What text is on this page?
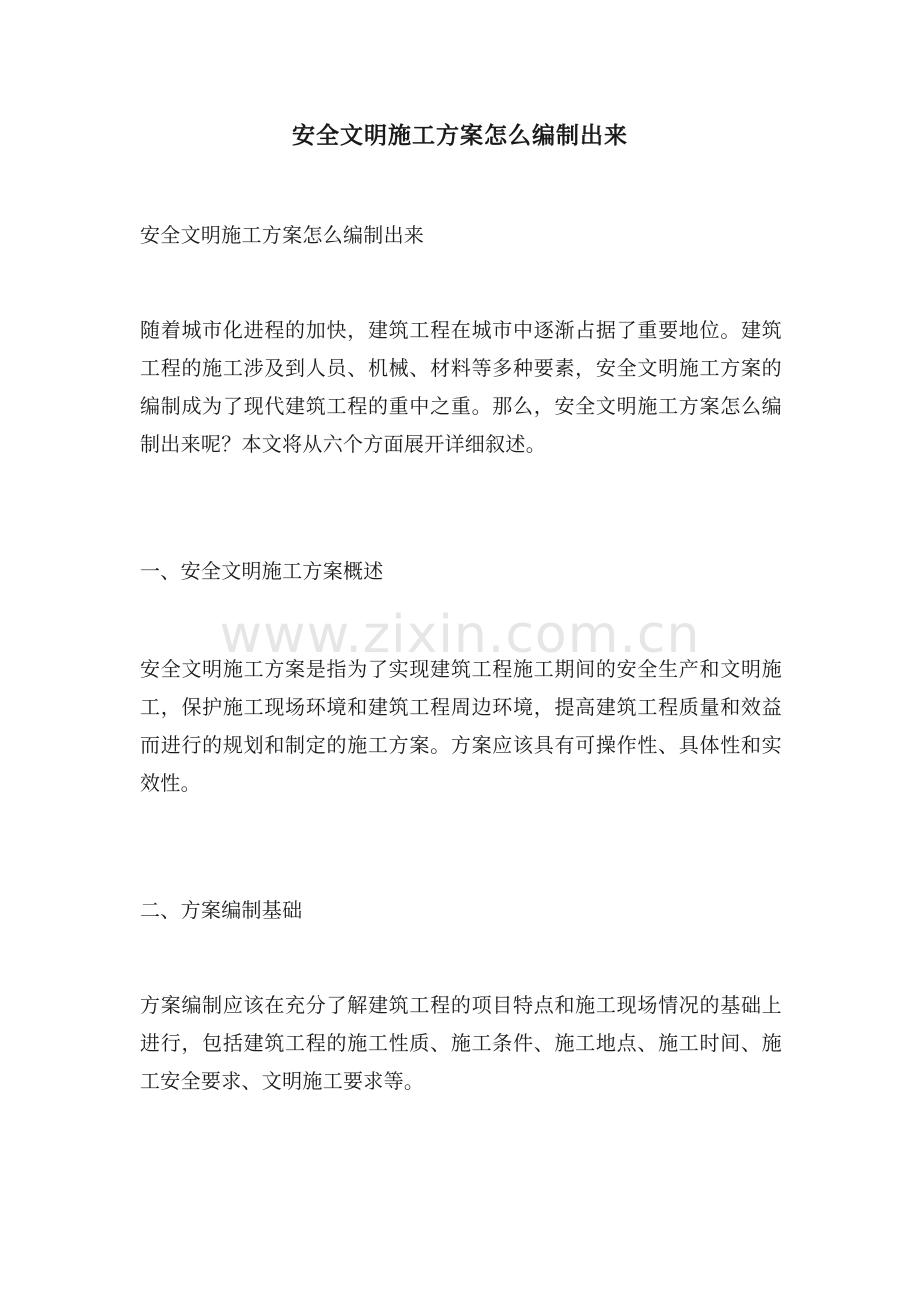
www.zixin.com.cn
安全文明施工方案怎么编制出来

安全文明施工方案怎么编制出来

随着城市化进程的加快，建筑工程在城市中逐渐占据了重要地位。建筑工程的施工涉及到人员、机械、材料等多种要素，安全文明施工方案的编制成为了现代建筑工程的重中之重。那么，安全文明施工方案怎么编制出来呢？本文将从六个方面展开详细叙述。

一、安全文明施工方案概述

安全文明施工方案是指为了实现建筑工程施工期间的安全生产和文明施工，保护施工现场环境和建筑工程周边环境，提高建筑工程质量和效益而进行的规划和制定的施工方案。方案应该具有可操作性、具体性和实效性。

二、方案编制基础

方案编制应该在充分了解建筑工程的项目特点和施工现场情况的基础上进行，包括建筑工程的施工性质、施工条件、施工地点、施工时间、施工安全要求、文明施工要求等。
